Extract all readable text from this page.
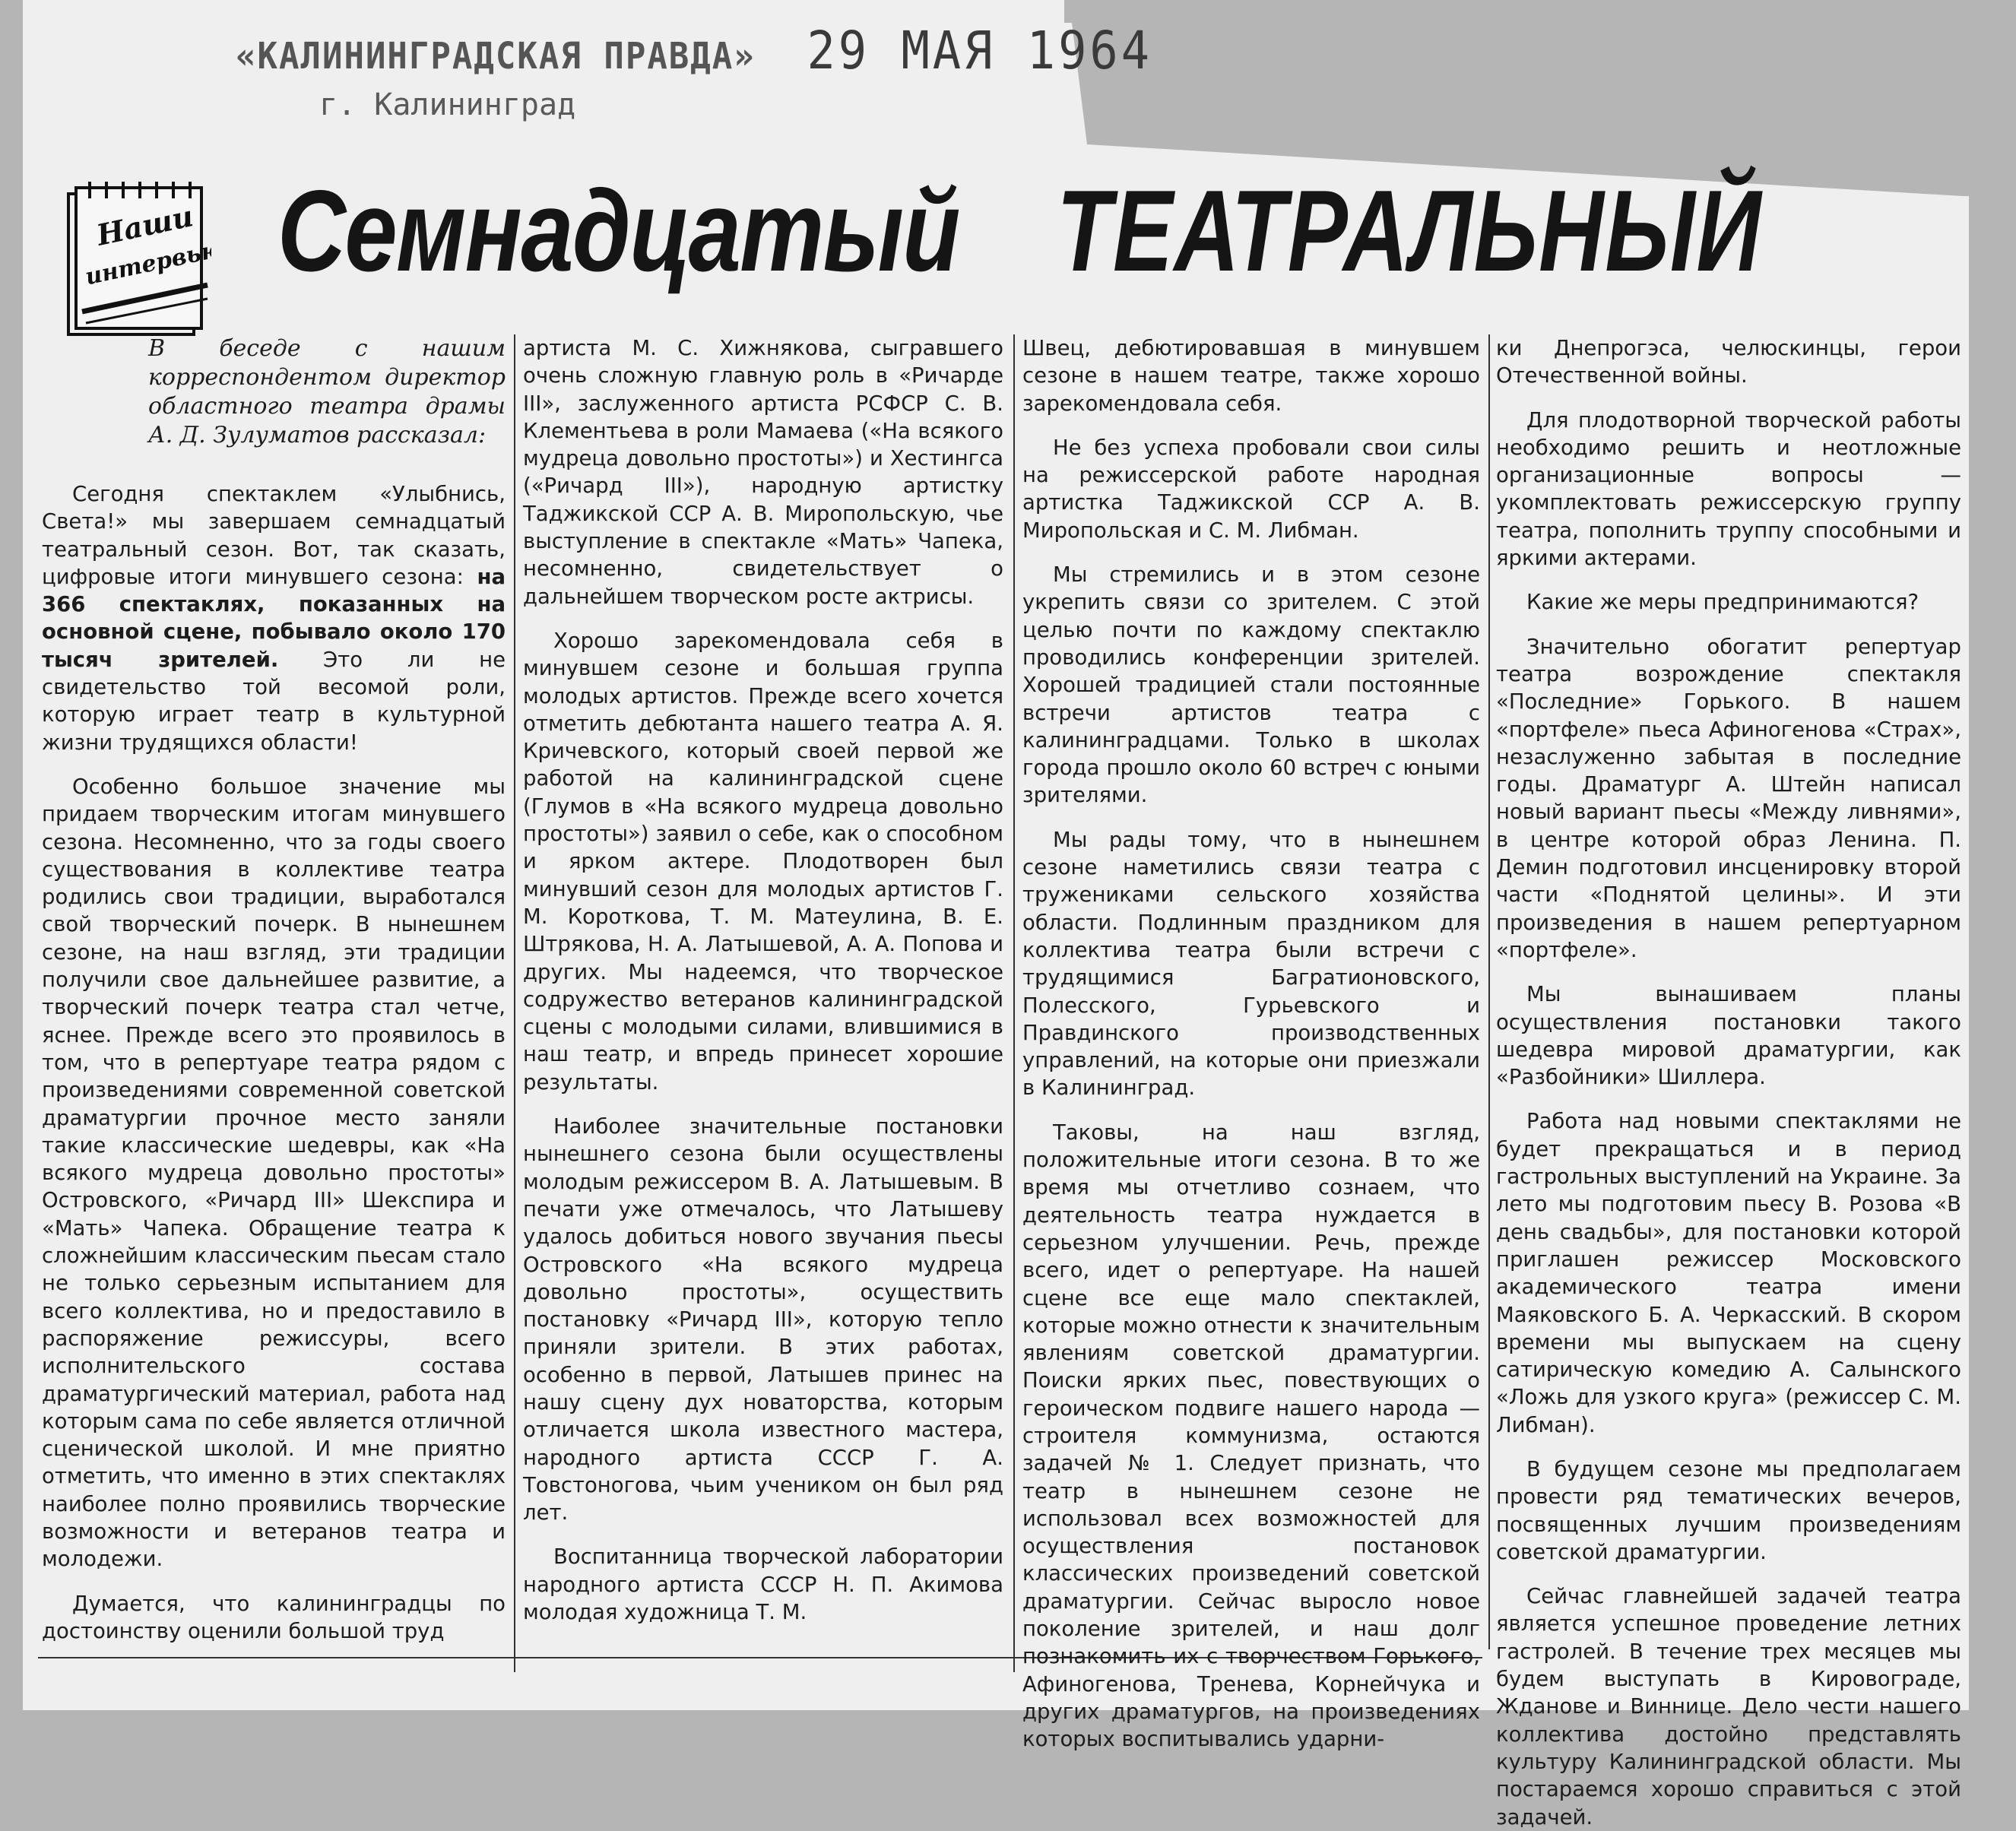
«КАЛИНИНГРАДСКАЯ ПРАВДА» 29 МАЯ 1964
г. Калининград
Наши
интервью Семнадцатый ТЕАТРАЛЬНЫЙ

В беседе с нашим корреспондентом директор областного театра драмы А. Д. Зулуматов рассказал:

Сегодня спектаклем «Улыбнись, Света!» мы завершаем семнадцатый театральный сезон. Вот, так сказать, цифровые итоги минувшего сезона: на 366 спектаклях, показанных на основной сцене, побывало около 170 тысяч зрителей. Это ли не свидетельство той весомой роли, которую играет театр в культурной жизни трудящихся области!

Особенно большое значение мы придаем творческим итогам минувшего сезона. Несомненно, что за годы своего существования в коллективе театра родились свои традиции, выработался свой творческий почерк. В нынешнем сезоне, на наш взгляд, эти традиции получили свое дальнейшее развитие, а творческий почерк театра стал четче, яснее. Прежде всего это проявилось в том, что в репертуаре театра рядом с произведениями современной советской драматургии прочное место заняли такие классические шедевры, как «На всякого мудреца довольно простоты» Островского, «Ричард III» Шекспира и «Мать» Чапека. Обращение театра к сложнейшим классическим пьесам стало не только серьезным испытанием для всего коллектива, но и предоставило в распоряжение режиссуры, всего исполнительского состава драматургический материал, работа над которым сама по себе является отличной сценической школой. И мне приятно отметить, что именно в этих спектаклях наиболее полно проявились творческие возможности и ветеранов театра и молодежи.

Думается, что калининградцы по достоинству оценили большой труд

артиста М. С. Хижнякова, сыгравшего очень сложную главную роль в «Ричарде III», заслуженного артиста РСФСР С. В. Клементьева в роли Мамаева («На всякого мудреца довольно простоты») и Хестингса («Ричард III»), народную артистку Таджикской ССР А. В. Миропольскую, чье выступление в спектакле «Мать» Чапека, несомненно, свидетельствует о дальнейшем творческом росте актрисы.

Хорошо зарекомендовала себя в минувшем сезоне и большая группа молодых артистов. Прежде всего хочется отметить дебютанта нашего театра А. Я. Кричевского, который своей первой же работой на калининградской сцене (Глумов в «На всякого мудреца довольно простоты») заявил о себе, как о способном и ярком актере. Плодотворен был минувший сезон для молодых артистов Г. М. Короткова, Т. М. Матеулина, В. Е. Штрякова, Н. А. Латышевой, А. А. Попова и других. Мы надеемся, что творческое содружество ветеранов калининградской сцены с молодыми силами, влившимися в наш театр, и впредь принесет хорошие результаты.

Наиболее значительные постановки нынешнего сезона были осуществлены молодым режиссером В. А. Латышевым. В печати уже отмечалось, что Латышеву удалось добиться нового звучания пьесы Островского «На всякого мудреца довольно простоты», осуществить постановку «Ричард III», которую тепло приняли зрители. В этих работах, особенно в первой, Латышев принес на нашу сцену дух новаторства, которым отличается школа известного мастера, народного артиста СССР Г. А. Товстоногова, чьим учеником он был ряд лет.

Воспитанница творческой лаборатории народного артиста СССР Н. П. Акимова молодая художница Т. М.

Швец, дебютировавшая в минувшем сезоне в нашем театре, также хорошо зарекомендовала себя.

Не без успеха пробовали свои силы на режиссерской работе народная артистка Таджикской ССР А. В. Миропольская и С. М. Либман.

Мы стремились и в этом сезоне укрепить связи со зрителем. С этой целью почти по каждому спектаклю проводились конференции зрителей. Хорошей традицией стали постоянные встречи артистов театра с калининградцами. Только в школах города прошло около 60 встреч с юными зрителями.

Мы рады тому, что в нынешнем сезоне наметились связи театра с тружениками сельского хозяйства области. Подлинным праздником для коллектива театра были встречи с трудящимися Багратионовского, Полесского, Гурьевского и Правдинского производственных управлений, на которые они приезжали в Калининград.

Таковы, на наш взгляд, положительные итоги сезона. В то же время мы отчетливо сознаем, что деятельность театра нуждается в серьезном улучшении. Речь, прежде всего, идет о репертуаре. На нашей сцене все еще мало спектаклей, которые можно отнести к значительным явлениям советской драматургии. Поиски ярких пьес, повествующих о героическом подвиге нашего народа — строителя коммунизма, остаются задачей № 1. Следует признать, что театр в нынешнем сезоне не использовал всех возможностей для осуществления постановок классических произведений советской драматургии. Сейчас выросло новое поколение зрителей, и наш долг познакомить их с творчеством Горького, Афиногенова, Тренева, Корнейчука и других драматургов, на произведениях которых воспитывались ударни-

ки Днепрогэса, челюскинцы, герои Отечественной войны.

Для плодотворной творческой работы необходимо решить и неотложные организационные вопросы — укомплектовать режиссерскую группу театра, пополнить труппу способными и яркими актерами.

Какие же меры предпринимаются?

Значительно обогатит репертуар театра возрождение спектакля «Последние» Горького. В нашем «портфеле» пьеса Афиногенова «Страх», незаслуженно забытая в последние годы. Драматург А. Штейн написал новый вариант пьесы «Между ливнями», в центре которой образ Ленина. П. Демин подготовил инсценировку второй части «Поднятой целины». И эти произведения в нашем репертуарном «портфеле».

Мы вынашиваем планы осуществления постановки такого шедевра мировой драматургии, как «Разбойники» Шиллера.

Работа над новыми спектаклями не будет прекращаться и в период гастрольных выступлений на Украине. За лето мы подготовим пьесу В. Розова «В день свадьбы», для постановки которой приглашен режиссер Московского академического театра имени Маяковского Б. А. Черкасский. В скором времени мы выпускаем на сцену сатирическую комедию А. Салынского «Ложь для узкого круга» (режиссер С. М. Либман).

В будущем сезоне мы предполагаем провести ряд тематических вечеров, посвященных лучшим произведениям советской драматургии.

Сейчас главнейшей задачей театра является успешное проведение летних гастролей. В течение трех месяцев мы будем выступать в Кировограде, Жданове и Виннице. Дело чести нашего коллектива достойно представлять культуру Калининградской области. Мы постараемся хорошо справиться с этой задачей.
